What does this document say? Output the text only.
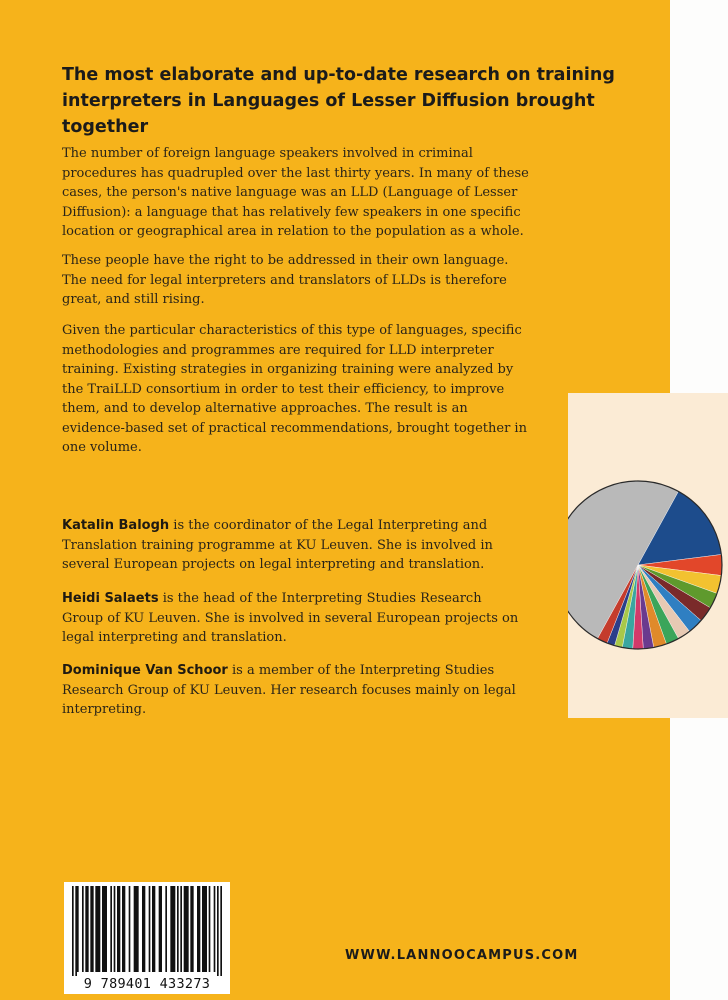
The most elaborate and up-to-date research on training interpreters in Languages of Lesser Diffusion brought together

The number of foreign language speakers involved in criminal procedures has quadrupled over the last thirty years. In many of these cases, the person's native language was an LLD (Language of Lesser Diffusion): a language that has relatively few speakers in one specific location or geographical area in relation to the population as a whole.

These people have the right to be addressed in their own language. The need for legal interpreters and translators of LLDs is therefore great, and still rising.

Given the particular characteristics of this type of languages, specific methodologies and programmes are required for LLD interpreter training. Existing strategies in organizing training were analyzed by the TraiLLD consortium in order to test their efficiency, to improve them, and to develop alternative approaches. The result is an evidence-based set of practical recommendations, brought together in one volume.

Katalin Balogh is the coordinator of the Legal Interpreting and Translation training programme at KU Leuven. She is involved in several European projects on legal interpreting and translation.

Heidi Salaets is the head of the Interpreting Studies Research Group of KU Leuven. She is involved in several European projects on legal interpreting and translation.

Dominique Van Schoor is a member of the Interpreting Studies Research Group of KU Leuven. Her research focuses mainly on legal interpreting.

9 789401 433273
WWW.LANNOOCAMPUS.COM
